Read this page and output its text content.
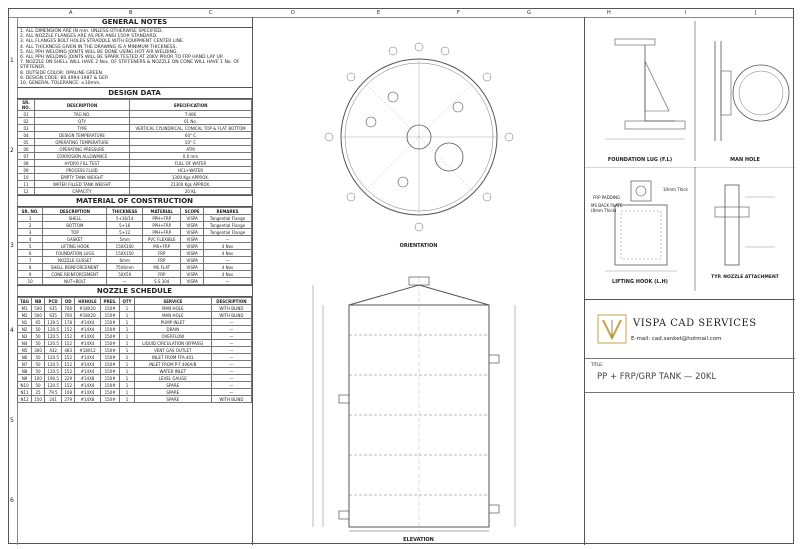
A	B	C	D	E	F	G	H	I	J
1
2
3
4
5
6
GENERAL NOTES
1. ALL DIMENSION ARE IN mm. UNLESS OTHERWISE SPECIFIED.
2. ALL NOZZLE FLANGES ARE AS PER ANSI 150# STANDARD.
3. ALL FLANGES BOLT HOLES STRADDLE WITH EQUIPMENT CENTER LINE.
4. ALL THICKNESS GIVEN IN THE DRAWING IS A MINIMUM THICKNESS.
5. ALL PPH WELDING JOINTS WILL BE DONE USING HOT AIR WELDING.
6. ALL PPH WELDING JOINTS WILL BE SPARK TESTED AT 20KV PRIOR TO FRP HAND LAY UP.
7. NOZZLE ON SHELL WILL HAVE 2 Nos. OF STIFFENERS & NOZZLE ON CONE WILL HAVE 1 No. OF STIFFENER.
8. OUTSIDE COLOR: OPALINE GREEN.
9. DESIGN CODE: BS 4994-1987 & GEP.
10. GENERAL TOLERANCE: ±10mm.
DESIGN DATA
SR. NO.	DESCRIPTION	SPECIFICATION
01	TAG NO.	T-406
02	QTY	01 No.
03	TYPE	VERTICAL CYLINDRICAL, CONICAL TOP & FLAT BOTTOM
04	DESIGN TEMPERATURE	60° C
05	OPERATING TEMPERATURE	50° C
06	OPERATING PRESSURE	ATM
07	CORROSION ALLOWANCE	0.0 mm
08	HYDRO FILL TEST	FULL OF WATER
09	PROCESS FLUID	HCL+WATER
10	EMPTY TANK WEIGHT	1300 Kgs APPROX.
11	WATER FILLED TANK WEIGHT	21300 Kgs APPROX.
12	CAPACITY	20 KL
MATERIAL OF CONSTRUCTION
SR. NO.	DESCRIPTION	THICKNESS	MATERIAL	SCOPE	REMARKS
1	SHELL	5+16/14	PPH+FRP	VISPA	Tangential Flange
2	BOTTOM	5+16	PPH+FRP	VISPA	Tangential Flange
3	TOP	5+12	PPH+FRP	VISPA	Tangential Flange
4	GASKET	5mm	PVC FLEXIBLE	VISPA	—
5	LIFTING HOOK	150X100	MS+FRP	VISPA	4 Nos
6	FOUNDATION LUGS	150X150	FRP	VISPA	4 Nos
7	NOZZLE GUSSET	6mm	FRP	VISPA	—
8	SHELL REINFORCEMENT	75X6mm	MS FLAT	VISPA	4 Nos
9	CONE REINFORCEMENT	50X50	FRP	VISPA	4 Nos
10	NUT+BOLT	—	S.S 304	VISPA	—
NOZZLE SCHEDULE
TAG	NB	PCD	OD	HXHOLE	PRES.	QTY	SERVICE	DESCRIPTION
M1	500	635	700	#18X20	150#	1	MAN HOLE	WITH BLIND
M2	500	635	700	#18X20	150#	1	MAN HOLE	WITH BLIND
N1	65	139.5	178	#14X4	150#	1	PUMP INLET	—
N2	50	120.5	152	#14X4	150#	1	DRAIN	—
N3	50	120.5	152	#14X4	150#	1	OVERFLOW	—
N4	50	120.5	152	#14X4	150#	1	LIQUID CIRCULATION (BYPASS)	—
N5	300	432	483	#18X12	150#	1	VENT GAS OUTLET	—
N6	50	120.5	152	#14X4	150#	1	INLET FROM FFA-401	—
N7	50	120.5	152	#14X4	150#	1	INLET FROM P-T 406A/B	—
N8	50	120.5	152	#14X4	150#	1	WATER INLET	—
N9	100	190.5	229	#14X8	150#	1	LEVEL GAUGE	—
N10	50	120.5	152	#14X4	150#	1	SPARE	—
N11	25	79.5	108	#14X4	150#	1	SPARE	—
N12	150	241	279	#14X8	150#	1	SPARE	WITH BLIND
ORIENTATION
ELEVATION
FOUNDATION LUG (F.L)	MAN HOLE
FRP PADDING
MS BACK PLATE (8mm Thick)
10mm Thick
LIFTING HOOK (L.H)
TYP. NOZZLE ATTACHMENT
VISPA CAD SERVICES
E-mail: cad.sanket@hotmail.com
TITLE:
PP + FRP/GRP TANK — 20KL
